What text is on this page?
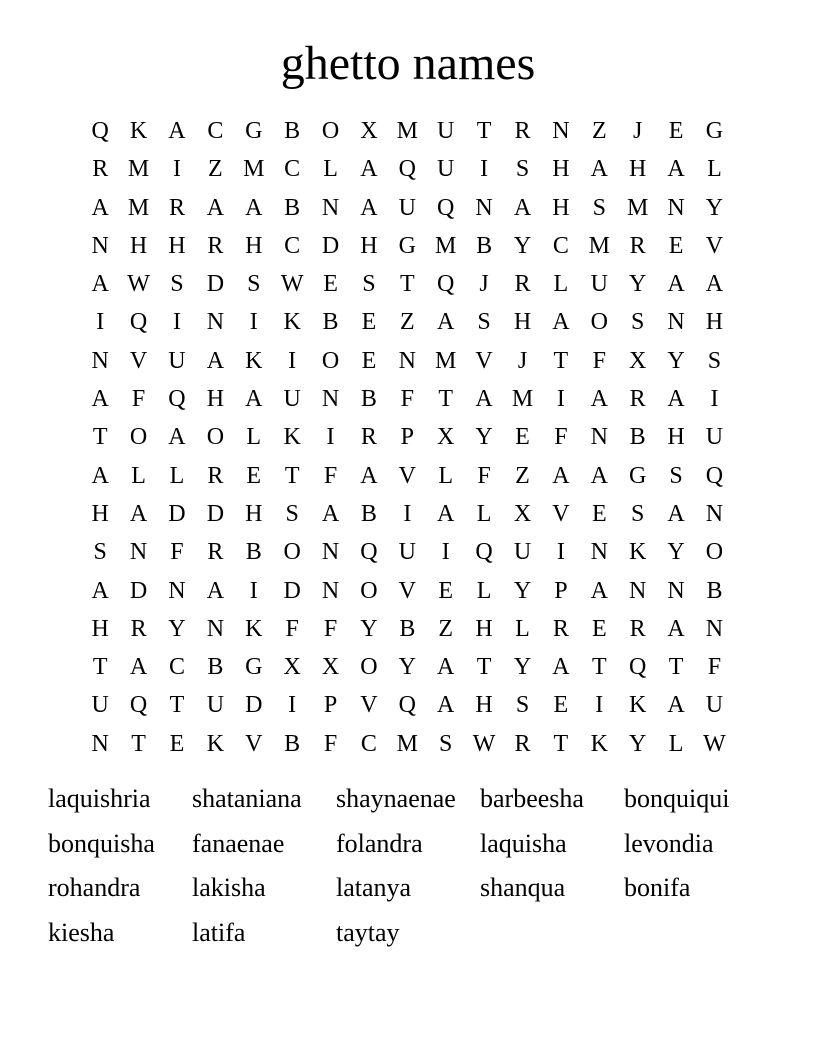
ghetto names
Q K A C G B O X M U T R N Z	J	E G
R M I	Z M C L A Q U	I	S H A H A L
A M R A A B N A U Q N A H S M N Y
N H H R H C D H G M B Y C M R E V
A W S D S W E	S	T Q	J	R L U Y A A
I	Q	I	N	I	K B E Z A S H A O S N H
N V U A K	I	O E N M V	J	T	F X Y S
A F Q H A U N B F	T A M I	A R A	I
T O A O L K	I	R P X Y E	F N B H U
A L L R E T	F A V L	F	Z A A G S Q
H A D D H S A B	I	A L X V E	S A N
S N F R B O N Q U	I	Q U	I	N K Y O
A D N A	I	D N O V E L Y P A N N B
H R Y N K F	F Y B Z H L R E R A N
T A C B G X X O Y A T Y A T Q T	F
U Q T U D	I	P V Q A H S	E	I	K A U
N T E K V B F C M S W R T K Y L W
laquishria	shataniana	shaynaenae barbeesha	bonquiqui
bonquisha	fanaenae	folandra	laquisha	levondia
rohandra	lakisha	latanya	shanqua	bonifa
kiesha	latifa	taytay
